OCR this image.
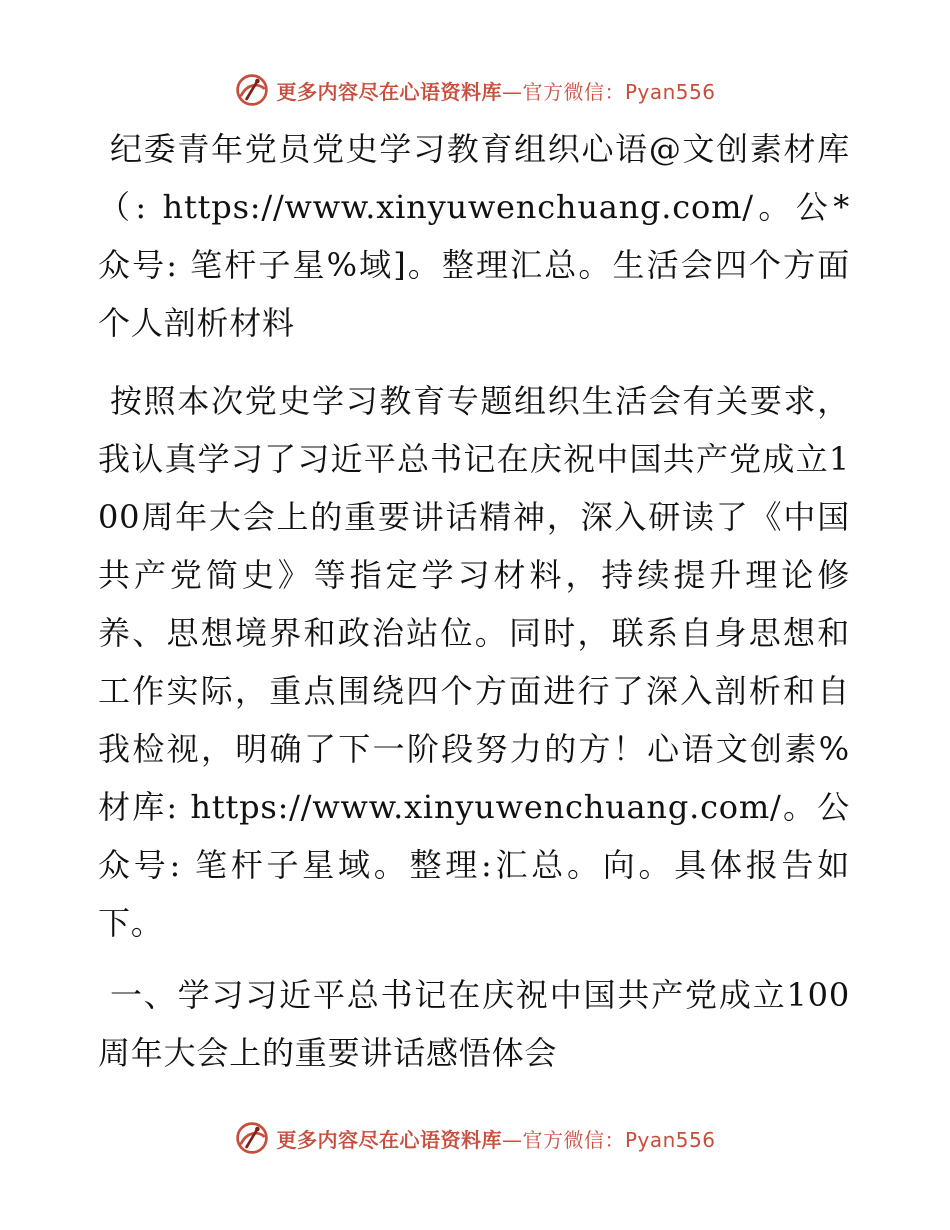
更多内容尽在心语资料库—官方微信：Pyan556

纪委青年党员党史学习教育组织心语@文创素材库（: https://www.xinyuwenchuang.com/。公*众号: 笔杆子星%域]。整理汇总。生活会四个方面个人剖析材料

按照本次党史学习教育专题组织生活会有关要求，我认真学习了习近平总书记在庆祝中国共产党成立100周年大会上的重要讲话精神，深入研读了《中国共产党简史》等指定学习材料，持续提升理论修养、思想境界和政治站位。同时，联系自身思想和工作实际，重点围绕四个方面进行了深入剖析和自我检视，明确了下一阶段努力的方！心语文创素%材库: https://www.xinyuwenchuang.com/。公众号: 笔杆子星域。整理:汇总。向。具体报告如下。

一、学习习近平总书记在庆祝中国共产党成立100周年大会上的重要讲话感悟体会

更多内容尽在心语资料库—官方微信：Pyan556
